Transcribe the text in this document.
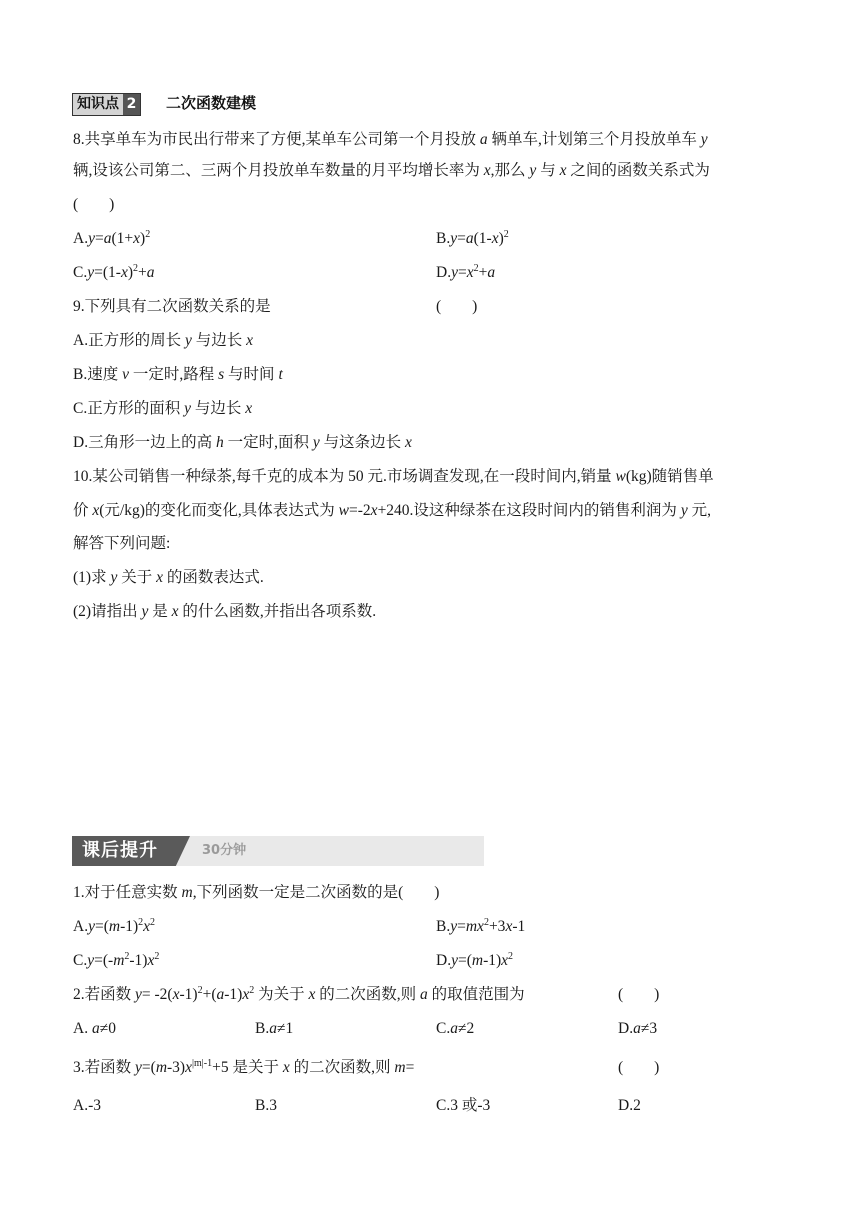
知识点 2 二次函数建模
8.共享单车为市民出行带来了方便,某单车公司第一个月投放 a 辆单车,计划第三个月投放单车 y
辆,设该公司第二、三两个月投放单车数量的月平均增长率为 x,那么 y 与 x 之间的函数关系式为
(　　)
$A.y=a(1+x)^2$	$B.y=a(1-x)^2$
$C.y=(1-x)^2+a$	$D.y=x^2+a$
9.下列具有二次函数关系的是	(　　)
A.正方形的周长 y 与边长 x
B.速度 v 一定时,路程 s 与时间 t
C.正方形的面积 y 与边长 x
D.三角形一边上的高 h 一定时,面积 y 与这条边长 x
10.某公司销售一种绿茶,每千克的成本为 50 元.市场调查发现,在一段时间内,销量 w(kg)随销售单
价 x(元/kg)的变化而变化,具体表达式为 w=-2x+240.设这种绿茶在这段时间内的销售利润为 y 元,
解答下列问题:
(1)求 y 关于 x 的函数表达式.
(2)请指出 y 是 x 的什么函数,并指出各项系数.
课后提升	30分钟
1.对于任意实数 m,下列函数一定是二次函数的是(　　)
$A.y=(m-1)^2x^2$	$B.y=mx^2+3x-1$
$C.y=(-m^2-1)x^2$	$D.y=(m-1)x^2$
2.若函数 $y= -2(x-1)^2+(a-1)x^2$ 为关于 x 的二次函数,则 a 的取值范围为	(　　)
A. a≠0	B.a≠1	C.a≠2	D.a≠3
3.若函数 $y=(m-3)x^{|m|-1}+5$ 是关于 x 的二次函数,则 m=	(　　)
A.-3	B.3	C.3 或-3	D.2
